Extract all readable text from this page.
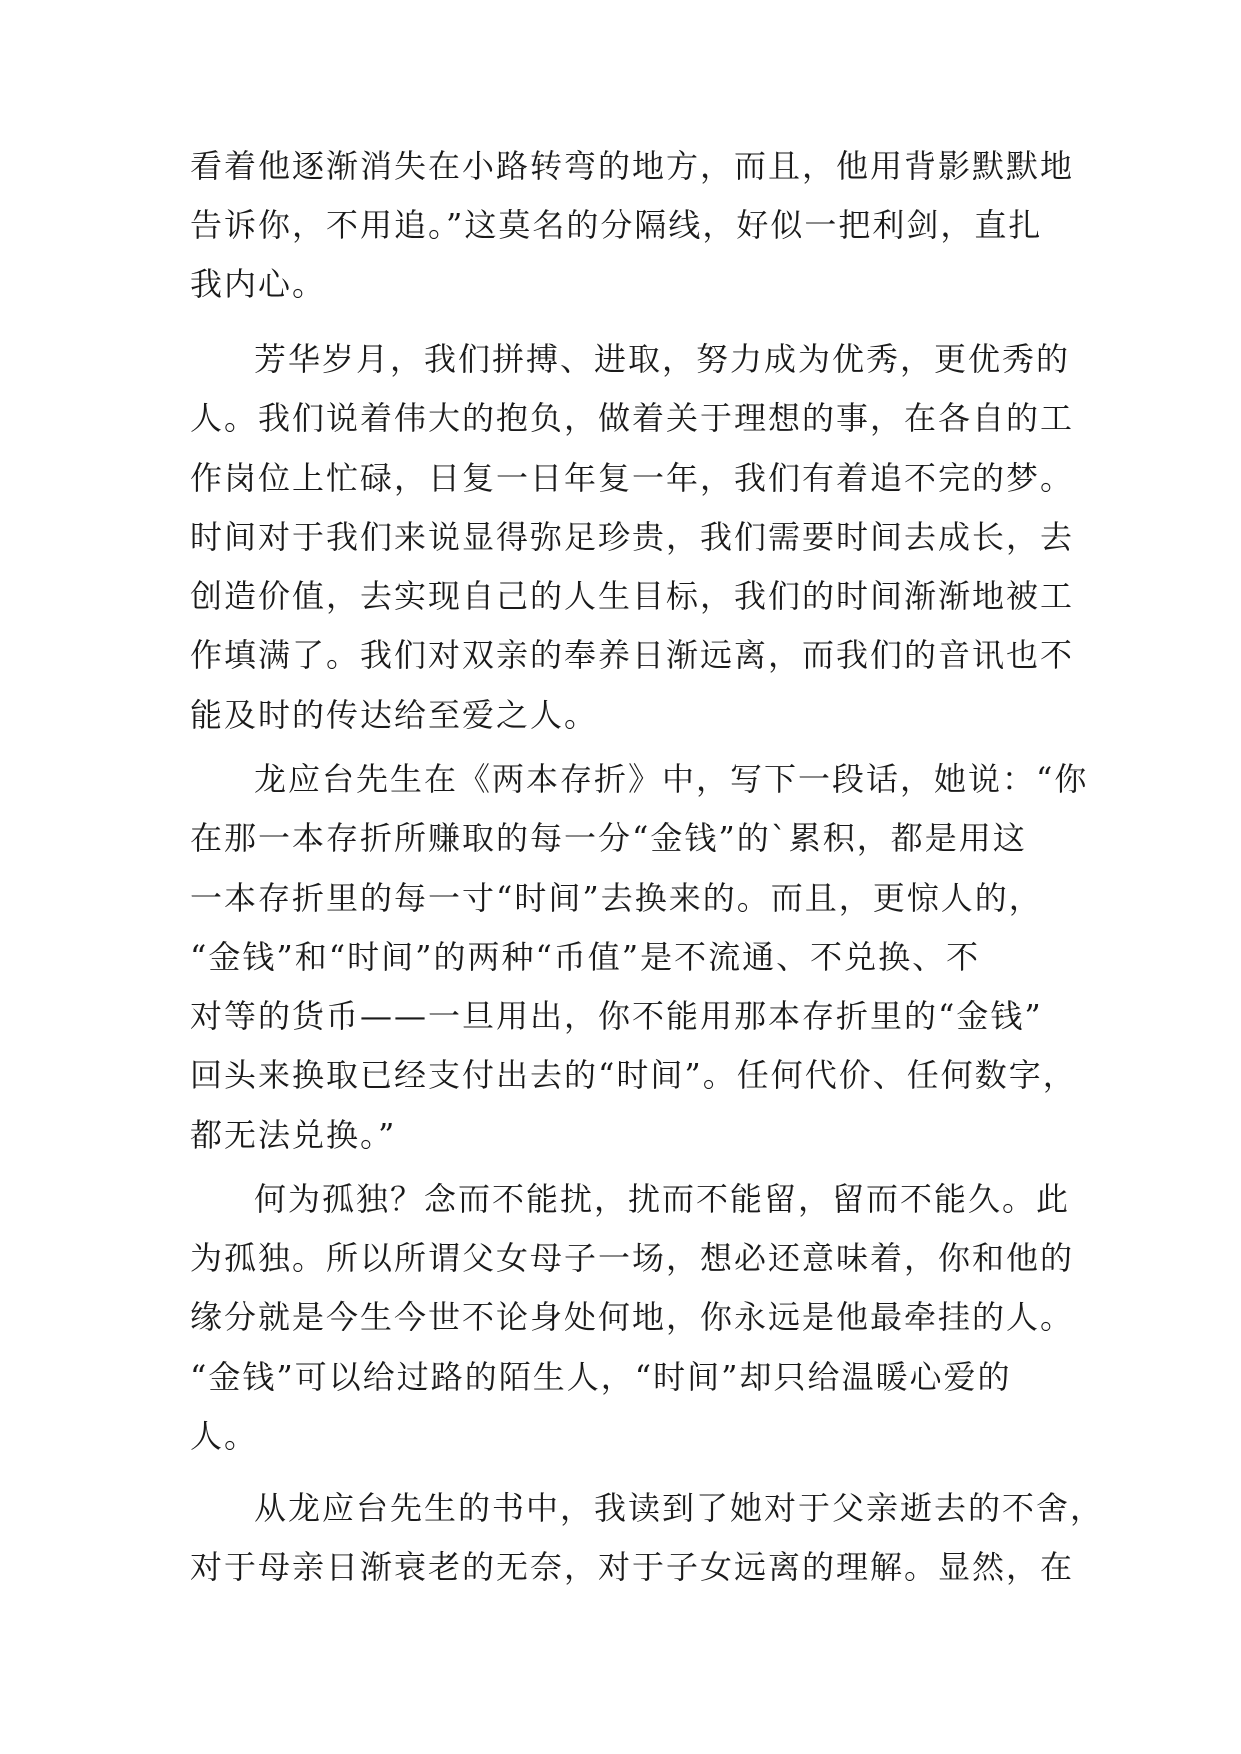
看着他逐渐消失在小路转弯的地方，而且，他用背影默默地
告诉你，不用追。”这莫名的分隔线，好似一把利剑，直扎
我内心。
芳华岁月，我们拼搏、进取，努力成为优秀，更优秀的
人。我们说着伟大的抱负，做着关于理想的事，在各自的工
作岗位上忙碌，日复一日年复一年，我们有着追不完的梦。
时间对于我们来说显得弥足珍贵，我们需要时间去成长，去
创造价值，去实现自己的人生目标，我们的时间渐渐地被工
作填满了。我们对双亲的奉养日渐远离，而我们的音讯也不
能及时的传达给至爱之人。
龙应台先生在《两本存折》中，写下一段话，她说：“你
在那一本存折所赚取的每一分“金钱”的`累积，都是用这
一本存折里的每一寸“时间”去换来的。而且，更惊人的，
“金钱”和“时间”的两种“币值”是不流通、不兑换、不
对等的货币——一旦用出，你不能用那本存折里的“金钱”
回头来换取已经支付出去的“时间”。任何代价、任何数字，
都无法兑换。”
何为孤独？念而不能扰，扰而不能留，留而不能久。此
为孤独。所以所谓父女母子一场，想必还意味着，你和他的
缘分就是今生今世不论身处何地，你永远是他最牵挂的人。
“金钱”可以给过路的陌生人，“时间”却只给温暖心爱的
人。
从龙应台先生的书中，我读到了她对于父亲逝去的不舍，
对于母亲日渐衰老的无奈，对于子女远离的理解。显然，在
